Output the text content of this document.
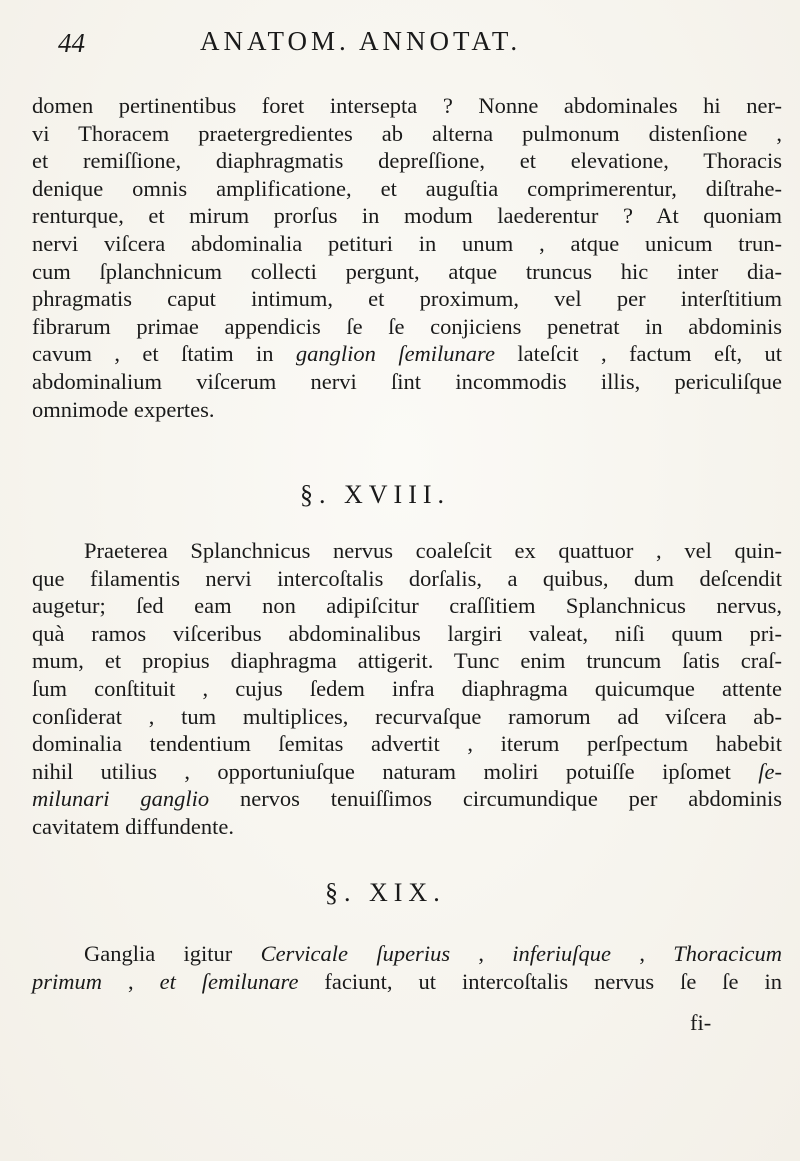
44	ANATOM. ANNOTAT.
domen pertinentibus foret intersepta ? Nonne abdominales hi ner-
vi Thoracem praetergredientes ab alterna pulmonum distenſione ,
et remiſſione, diaphragmatis depreſſione, et elevatione, Thoracis
denique omnis amplificatione, et auguſtia comprimerentur, diſtrahe-
renturque, et mirum prorſus in modum laederentur ? At quoniam
nervi viſcera abdominalia petituri in unum , atque unicum trun-
cum ſplanchnicum collecti pergunt, atque truncus hic inter dia-
phragmatis caput intimum, et proximum, vel per interſtitium
fibrarum primae appendicis ſe ſe conjiciens penetrat in abdominis
cavum , et ſtatim in ganglion ſemilunare lateſcit , factum eſt, ut
abdominalium viſcerum nervi ſint incommodis illis, periculiſque
omnimode expertes.
§. XVIII.
Praeterea Splanchnicus nervus coaleſcit ex quattuor , vel quin-
que filamentis nervi intercoſtalis dorſalis, a quibus, dum deſcendit
augetur; ſed eam non adipiſcitur craſſitiem Splanchnicus nervus,
quà ramos viſceribus abdominalibus largiri valeat, niſi quum pri-
mum, et propius diaphragma attigerit. Tunc enim truncum ſatis craſ-
ſum conſtituit , cujus ſedem infra diaphragma quicumque attente
conſiderat , tum multiplices, recurvaſque ramorum ad viſcera ab-
dominalia tendentium ſemitas advertit , iterum perſpectum habebit
nihil utilius , opportuniuſque naturam moliri potuiſſe ipſomet ſe-
milunari ganglio nervos tenuiſſimos circumundique per abdominis
cavitatem diffundente.
§. XIX.
Ganglia igitur Cervicale ſuperius , inferiuſque , Thoracicum
primum , et ſemilunare faciunt, ut intercoſtalis nervus ſe ſe in
fi-
